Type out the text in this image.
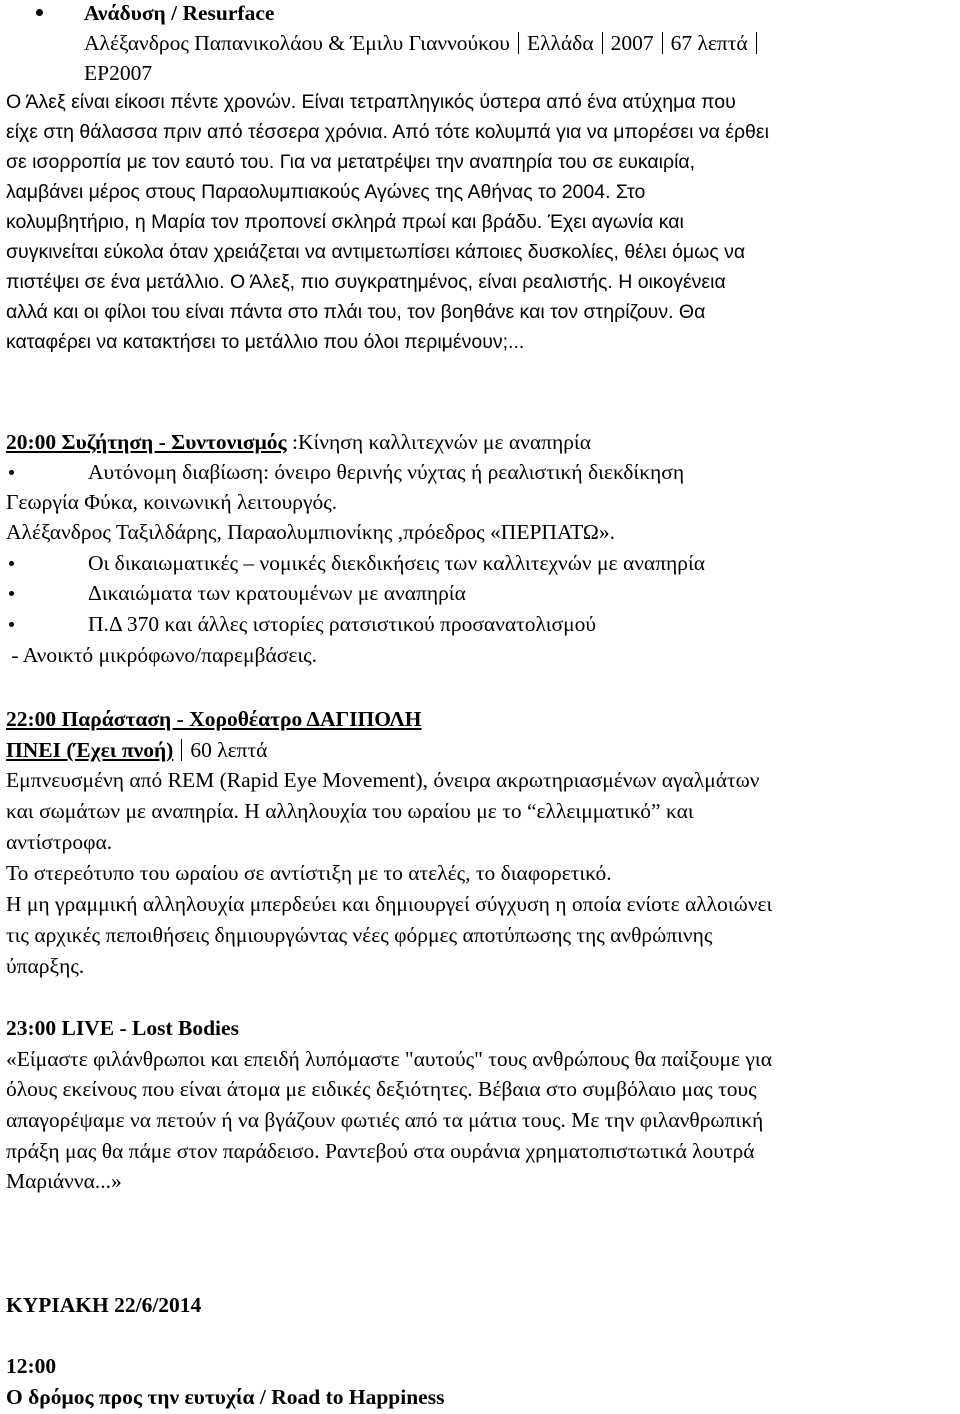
Ανάδυση / Resurface
Αλέξανδρος Παπανικολάου & Έμιλυ Γιαννούκου Ελλάδα 2007 67 λεπτά
ΕΡ2007
Ο Άλεξ είναι είκοσι πέντε χρονών. Είναι τετραπληγικός ύστερα από ένα ατύχημα που
είχε στη θάλασσα πριν από τέσσερα χρόνια. Από τότε κολυμπά για να μπορέσει να έρθει
σε ισορροπία με τον εαυτό του. Για να μετατρέψει την αναπηρία του σε ευκαιρία,
λαμβάνει μέρος στους Παραολυμπιακούς Αγώνες της Αθήνας το 2004. Στο
κολυμβητήριο, η Μαρία τον προπονεί σκληρά πρωί και βράδυ. Έχει αγωνία και
συγκινείται εύκολα όταν χρειάζεται να αντιμετωπίσει κάποιες δυσκολίες, θέλει όμως να
πιστέψει σε ένα μετάλλιο. Ο Άλεξ, πιο συγκρατημένος, είναι ρεαλιστής. Η οικογένεια
αλλά και οι φίλοι του είναι πάντα στο πλάι του, τον βοηθάνε και τον στηρίζουν. Θα
καταφέρει να κατακτήσει το μετάλλιο που όλοι περιμένουν;...
20:00 Συζήτηση - Συντονισμός :Κίνηση καλλιτεχνών με αναπηρία
Αυτόνομη διαβίωση: όνειρο θερινής νύχτας ή ρεαλιστική διεκδίκηση
Γεωργία Φύκα, κοινωνική λειτουργός.
Αλέξανδρος Ταξιλδάρης, Παραολυμπιονίκης ,πρόεδρος «ΠΕΡΠΑΤΩ».
Οι δικαιωματικές – νομικές διεκδικήσεις των καλλιτεχνών με αναπηρία
Δικαιώματα των κρατουμένων με αναπηρία
Π.Δ 370 και άλλες ιστορίες ρατσιστικού προσανατολισμού
- Ανοικτό μικρόφωνο/παρεμβάσεις.
22:00 Παράσταση - Χοροθέατρο ΔΑΓΙΠΟΛΗ
ΠΝΕΙ (Έχει πνοή) 60 λεπτά
Εμπνευσμένη από REM (Rapid Eye Movement), όνειρα ακρωτηριασμένων αγαλμάτων
και σωμάτων με αναπηρία. Η αλληλουχία του ωραίου με το “ελλειμματικό” και
αντίστροφα.
Το στερεότυπο του ωραίου σε αντίστιξη με το ατελές, το διαφορετικό.
Η μη γραμμική αλληλουχία μπερδεύει και δημιουργεί σύγχυση η οποία ενίοτε αλλοιώνει
τις αρχικές πεποιθήσεις δημιουργώντας νέες φόρμες αποτύπωσης της ανθρώπινης
ύπαρξης.
23:00 LIVE - Lost Bodies
«Είμαστε φιλάνθρωποι και επειδή λυπόμαστε "αυτούς" τους ανθρώπους θα παίξουμε για
όλους εκείνους που είναι άτομα με ειδικές δεξιότητες. Βέβαια στο συμβόλαιο μας τους
απαγορέψαμε να πετούν ή να βγάζουν φωτιές από τα μάτια τους. Με την φιλανθρωπική
πράξη μας θα πάμε στον παράδεισο. Ραντεβού στα ουράνια χρηματοπιστωτικά λουτρά
Μαριάννα...»
ΚΥΡΙΑΚΗ 22/6/2014
12:00
Ο δρόμος προς την ευτυχία / Road to Happiness
